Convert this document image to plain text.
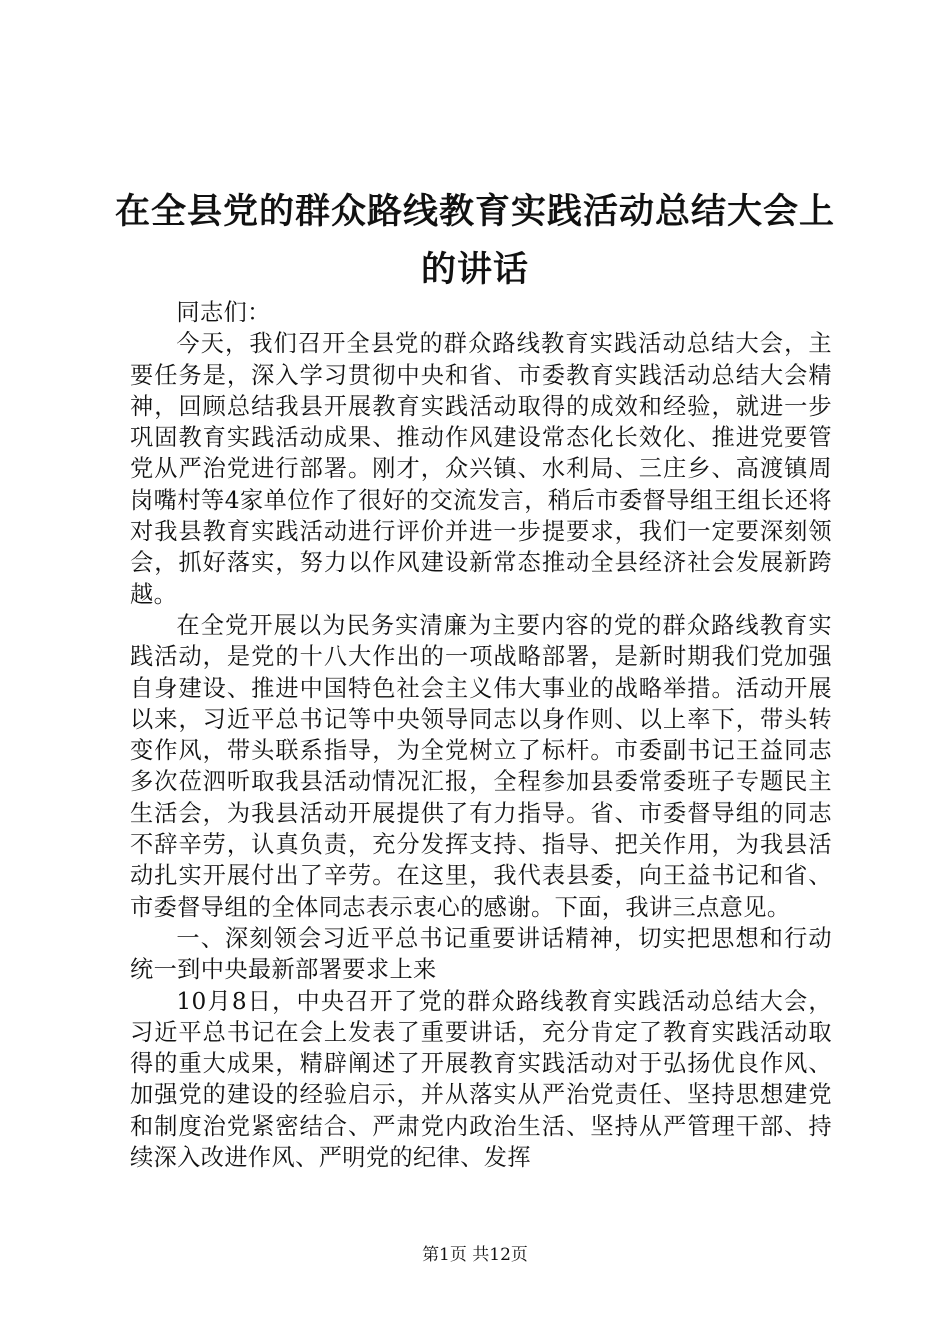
在全县党的群众路线教育实践活动总结大会上
的讲话

同志们：

今天，我们召开全县党的群众路线教育实践活动总结大会，主要任务是，深入学习贯彻中央和省、市委教育实践活动总结大会精神，回顾总结我县开展教育实践活动取得的成效和经验，就进一步巩固教育实践活动成果、推动作风建设常态化长效化、推进党要管党从严治党进行部署。刚才，众兴镇、水利局、三庄乡、高渡镇周岗嘴村等4家单位作了很好的交流发言，稍后市委督导组王组长还将对我县教育实践活动进行评价并进一步提要求，我们一定要深刻领会，抓好落实，努力以作风建设新常态推动全县经济社会发展新跨越。

在全党开展以为民务实清廉为主要内容的党的群众路线教育实践活动，是党的十八大作出的一项战略部署，是新时期我们党加强自身建设、推进中国特色社会主义伟大事业的战略举措。活动开展以来，习近平总书记等中央领导同志以身作则、以上率下，带头转变作风，带头联系指导，为全党树立了标杆。市委副书记王益同志多次莅泗听取我县活动情况汇报，全程参加县委常委班子专题民主生活会，为我县活动开展提供了有力指导。省、市委督导组的同志不辞辛劳，认真负责，充分发挥支持、指导、把关作用，为我县活动扎实开展付出了辛劳。在这里，我代表县委，向王益书记和省、市委督导组的全体同志表示衷心的感谢。下面，我讲三点意见。

一、深刻领会习近平总书记重要讲话精神，切实把思想和行动统一到中央最新部署要求上来

10月8日，中央召开了党的群众路线教育实践活动总结大会，习近平总书记在会上发表了重要讲话，充分肯定了教育实践活动取得的重大成果，精辟阐述了开展教育实践活动对于弘扬优良作风、加强党的建设的经验启示，并从落实从严治党责任、坚持思想建党和制度治党紧密结合、严肃党内政治生活、坚持从严管理干部、持续深入改进作风、严明党的纪律、发挥

第1页 共12页
